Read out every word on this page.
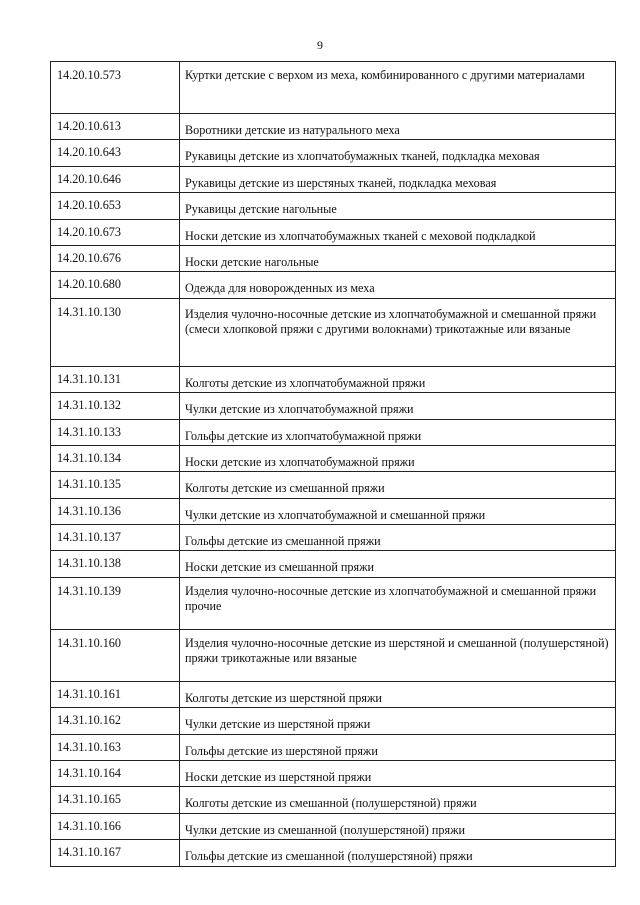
9
14.20.10.573	Куртки детские с верхом из меха, комбинированного с другими материалами
14.20.10.613	Воротники детские из натурального меха
14.20.10.643	Рукавицы детские из хлопчатобумажных тканей, подкладка меховая
14.20.10.646	Рукавицы детские из шерстяных тканей, подкладка меховая
14.20.10.653	Рукавицы детские нагольные
14.20.10.673	Носки детские из хлопчатобумажных тканей с меховой подкладкой
14.20.10.676	Носки детские нагольные
14.20.10.680	Одежда для новорожденных из меха
14.31.10.130	Изделия чулочно-носочные детские из хлопчатобумажной и смешанной пряжи (смеси хлопковой пряжи с другими волокнами) трикотажные или вязаные
14.31.10.131	Колготы детские из хлопчатобумажной пряжи
14.31.10.132	Чулки детские из хлопчатобумажной пряжи
14.31.10.133	Гольфы детские из хлопчатобумажной пряжи
14.31.10.134	Носки детские из хлопчатобумажной пряжи
14.31.10.135	Колготы детские из смешанной пряжи
14.31.10.136	Чулки детские из хлопчатобумажной и смешанной пряжи
14.31.10.137	Гольфы детские из смешанной пряжи
14.31.10.138	Носки детские из смешанной пряжи
14.31.10.139	Изделия чулочно-носочные детские из хлопчатобумажной и смешанной пряжи прочие
14.31.10.160	Изделия чулочно-носочные детские из шерстяной и смешанной (полушерстяной) пряжи трикотажные или вязаные
14.31.10.161	Колготы детские из шерстяной пряжи
14.31.10.162	Чулки детские из шерстяной пряжи
14.31.10.163	Гольфы детские из шерстяной пряжи
14.31.10.164	Носки детские из шерстяной пряжи
14.31.10.165	Колготы детские из смешанной (полушерстяной) пряжи
14.31.10.166	Чулки детские из смешанной (полушерстяной) пряжи
14.31.10.167	Гольфы детские из смешанной (полушерстяной) пряжи
